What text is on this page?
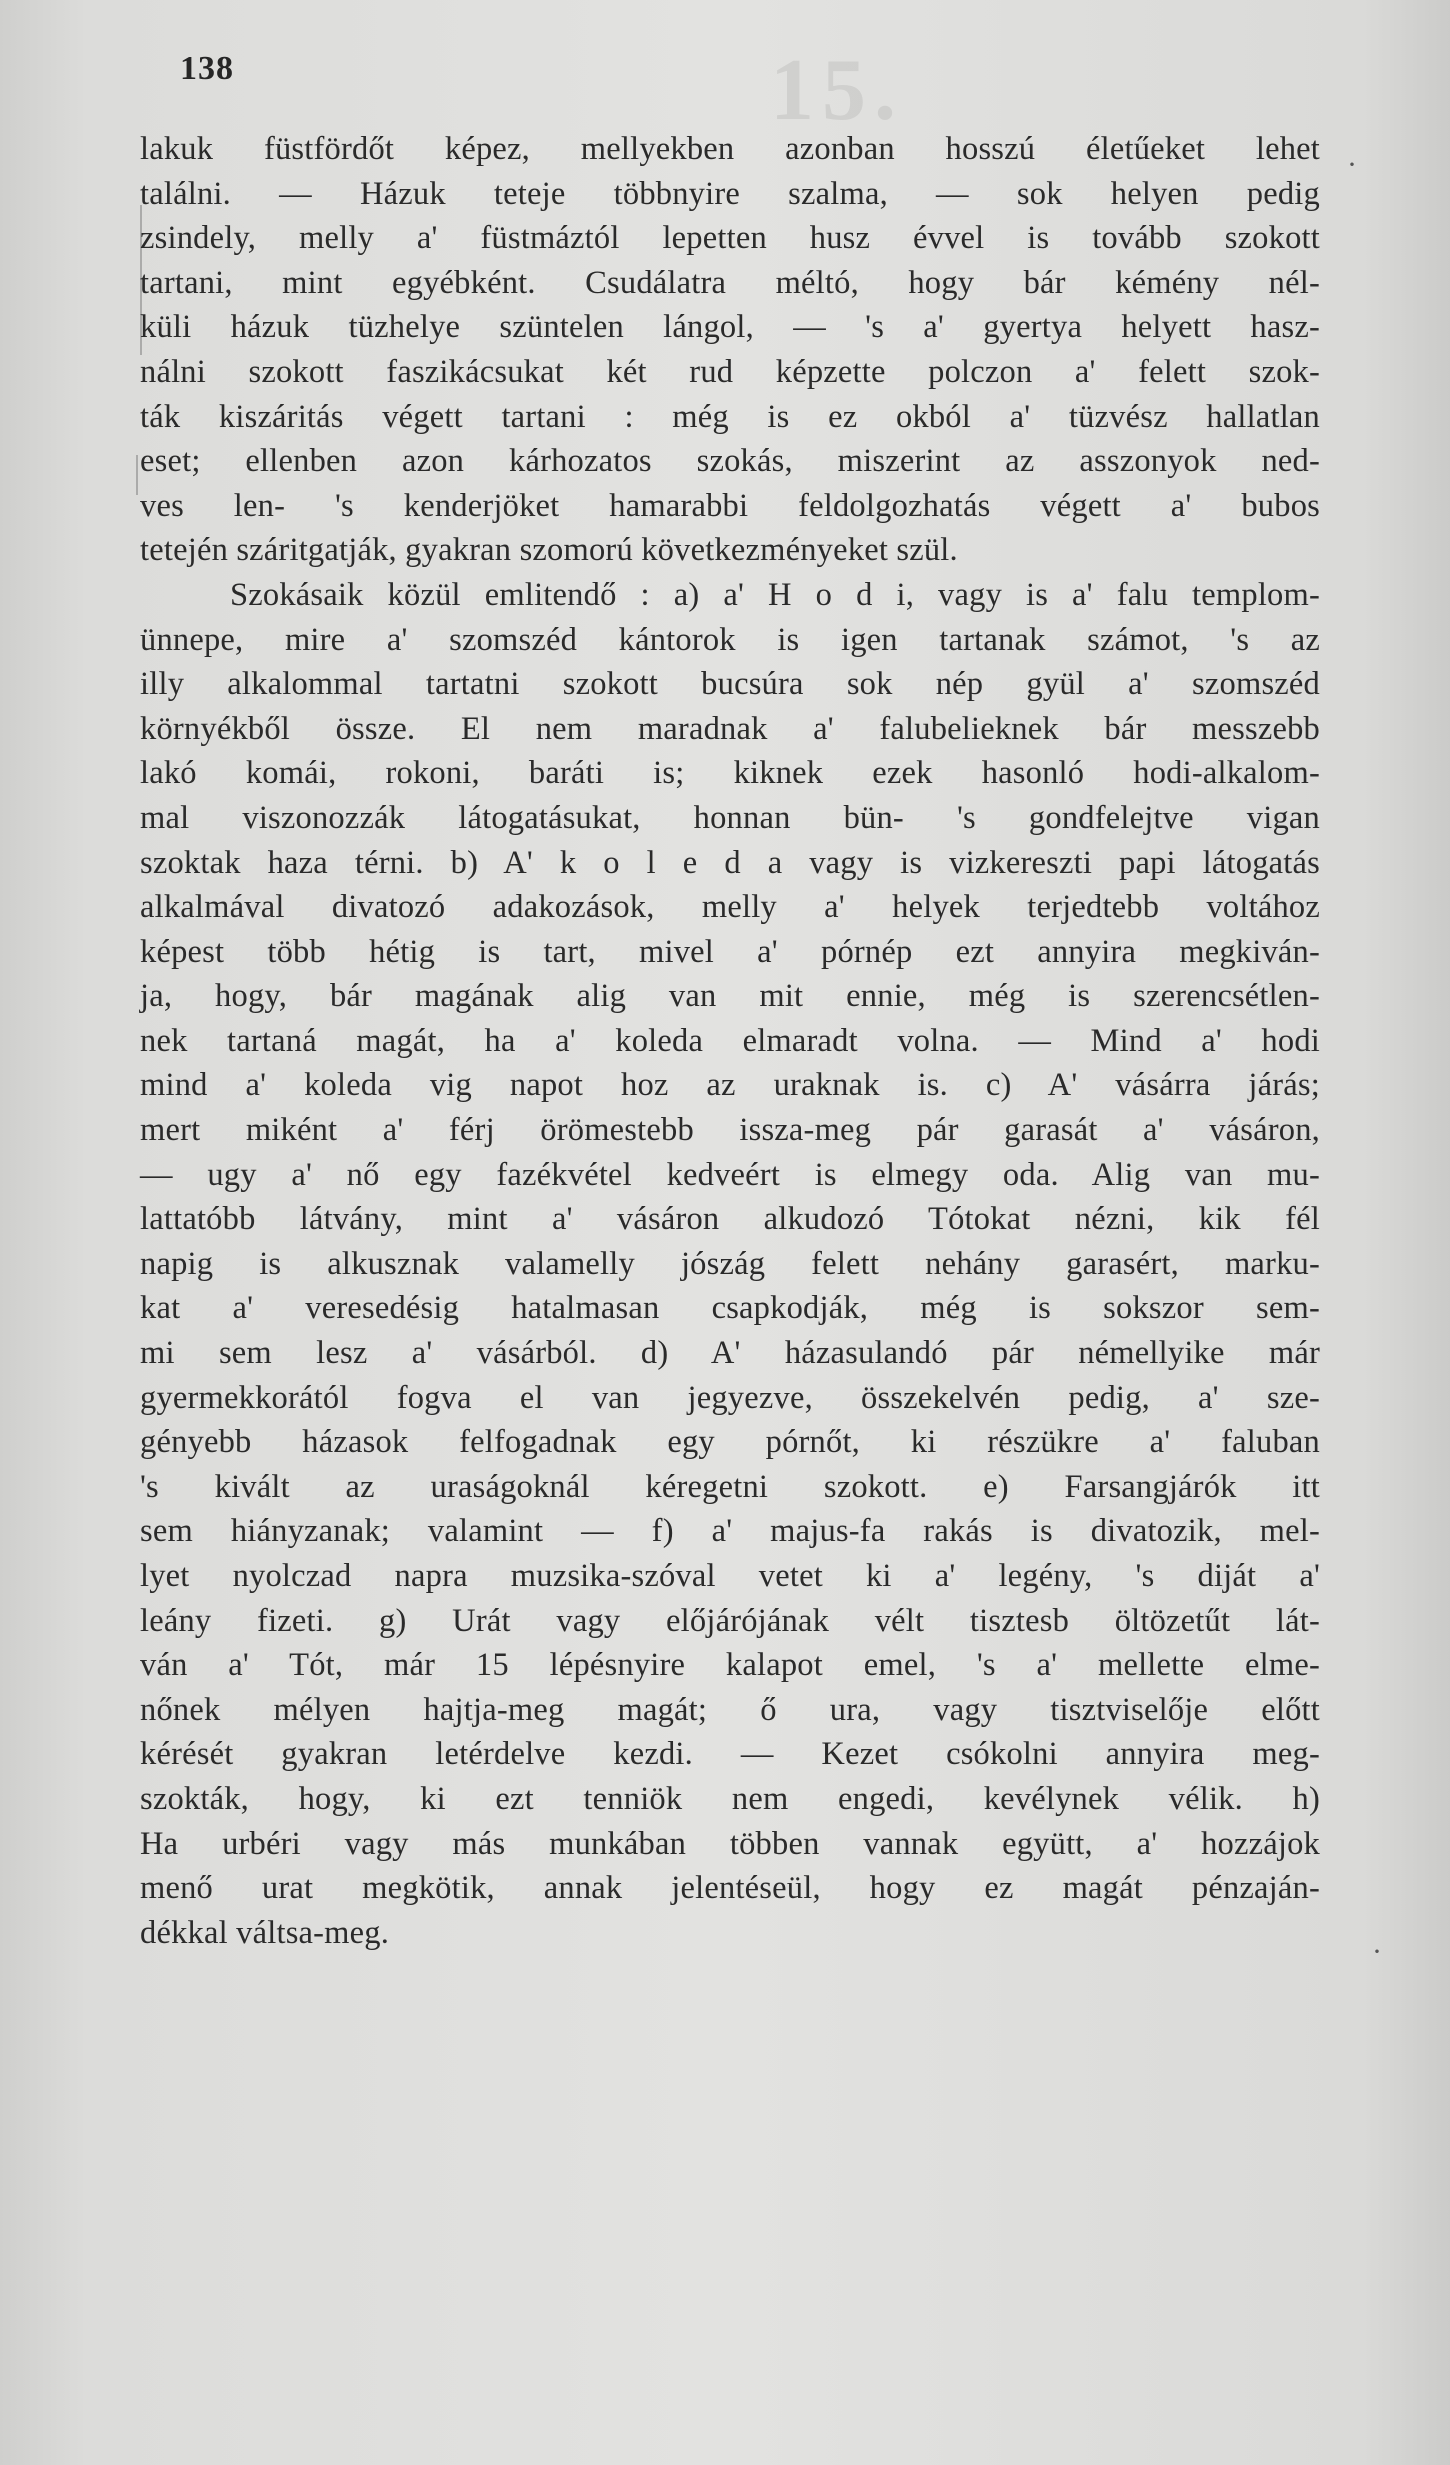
15.
138
·
·
lakuk füstfördőt képez, mellyekben azonban hosszú életűeket lehet
találni. — Házuk teteje többnyire szalma, — sok helyen pedig
zsindely, melly a' füstmáztól lepetten husz évvel is tovább szokott
tartani, mint egyébként. Csudálatra méltó, hogy bár kémény nél-
küli házuk tüzhelye szüntelen lángol, — 's a' gyertya helyett hasz-
nálni szokott faszikácsukat két rud képzette polczon a' felett szok-
ták kiszáritás végett tartani : még is ez okból a' tüzvész hallatlan
eset; ellenben azon kárhozatos szokás, miszerint az asszonyok ned-
ves len- 's kenderjöket hamarabbi feldolgozhatás végett a' bubos
tetején száritgatják, gyakran szomorú következményeket szül.
Szokásaik közül emlitendő : a) a' H o d i, vagy is a' falu templom-
ünnepe, mire a' szomszéd kántorok is igen tartanak számot, 's az
illy alkalommal tartatni szokott bucsúra sok nép gyül a' szomszéd
környékből össze. El nem maradnak a' falubelieknek bár messzebb
lakó komái, rokoni, baráti is; kiknek ezek hasonló hodi-alkalom-
mal viszonozzák látogatásukat, honnan bün- 's gondfelejtve vigan
szoktak haza térni. b) A' k o l e d a vagy is vizkereszti papi látogatás
alkalmával divatozó adakozások, melly a' helyek terjedtebb voltához
képest több hétig is tart, mivel a' pórnép ezt annyira megkiván-
ja, hogy, bár magának alig van mit ennie, még is szerencsétlen-
nek tartaná magát, ha a' koleda elmaradt volna. — Mind a' hodi
mind a' koleda vig napot hoz az uraknak is. c) A' vásárra járás;
mert miként a' férj örömestebb issza-meg pár garasát a' vásáron,
— ugy a' nő egy fazékvétel kedveért is elmegy oda. Alig van mu-
lattatóbb látvány, mint a' vásáron alkudozó Tótokat nézni, kik fél
napig is alkusznak valamelly jószág felett nehány garasért, marku-
kat a' veresedésig hatalmasan csapkodják, még is sokszor sem-
mi sem lesz a' vásárból. d) A' házasulandó pár némellyike már
gyermekkorától fogva el van jegyezve, összekelvén pedig, a' sze-
gényebb házasok felfogadnak egy pórnőt, ki részükre a' faluban
's kivált az uraságoknál kéregetni szokott. e) Farsangjárók itt
sem hiányzanak; valamint — f) a' majus-fa rakás is divatozik, mel-
lyet nyolczad napra muzsika-szóval vetet ki a' legény, 's diját a'
leány fizeti. g) Urát vagy előjárójának vélt tisztesb öltözetűt lát-
ván a' Tót, már 15 lépésnyire kalapot emel, 's a' mellette elme-
nőnek mélyen hajtja-meg magát; ő ura, vagy tisztviselője előtt
kérését gyakran letérdelve kezdi. — Kezet csókolni annyira meg-
szokták, hogy, ki ezt tenniök nem engedi, kevélynek vélik. h)
Ha urbéri vagy más munkában többen vannak együtt, a' hozzájok
menő urat megkötik, annak jelentéseül, hogy ez magát pénzaján-
dékkal váltsa-meg.
